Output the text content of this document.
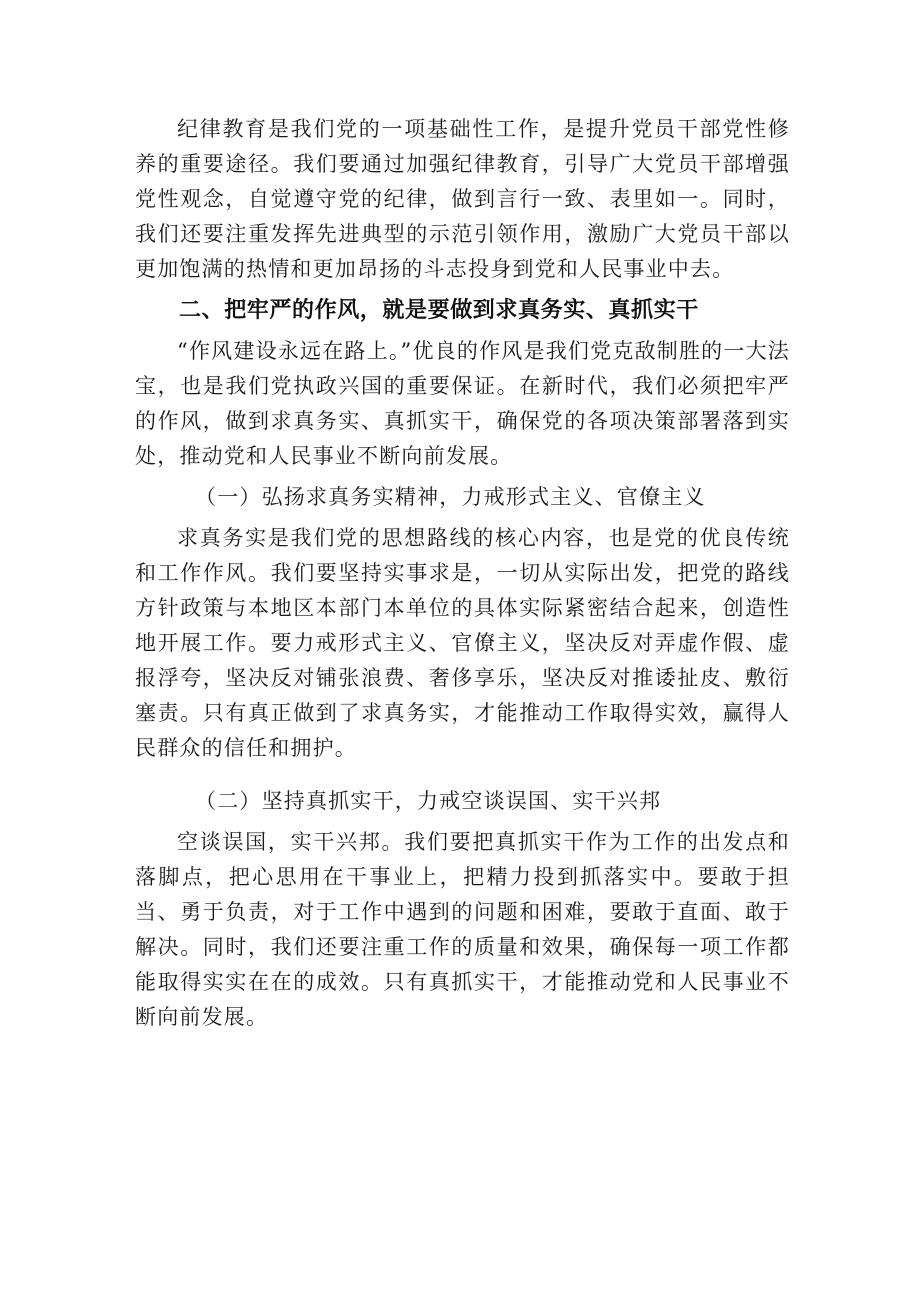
纪律教育是我们党的一项基础性工作，是提升党员干部党性修养的重要途径。我们要通过加强纪律教育，引导广大党员干部增强党性观念，自觉遵守党的纪律，做到言行一致、表里如一。同时，我们还要注重发挥先进典型的示范引领作用，激励广大党员干部以更加饱满的热情和更加昂扬的斗志投身到党和人民事业中去。

二、把牢严的作风，就是要做到求真务实、真抓实干

“作风建设永远在路上。”优良的作风是我们党克敌制胜的一大法宝，也是我们党执政兴国的重要保证。在新时代，我们必须把牢严的作风，做到求真务实、真抓实干，确保党的各项决策部署落到实处，推动党和人民事业不断向前发展。

（一）弘扬求真务实精神，力戒形式主义、官僚主义

求真务实是我们党的思想路线的核心内容，也是党的优良传统和工作作风。我们要坚持实事求是，一切从实际出发，把党的路线方针政策与本地区本部门本单位的具体实际紧密结合起来，创造性地开展工作。要力戒形式主义、官僚主义，坚决反对弄虚作假、虚报浮夸，坚决反对铺张浪费、奢侈享乐，坚决反对推诿扯皮、敷衍塞责。只有真正做到了求真务实，才能推动工作取得实效，赢得人民群众的信任和拥护。

（二）坚持真抓实干，力戒空谈误国、实干兴邦

空谈误国，实干兴邦。我们要把真抓实干作为工作的出发点和落脚点，把心思用在干事业上，把精力投到抓落实中。要敢于担当、勇于负责，对于工作中遇到的问题和困难，要敢于直面、敢于解决。同时，我们还要注重工作的质量和效果，确保每一项工作都能取得实实在在的成效。只有真抓实干，才能推动党和人民事业不断向前发展。
